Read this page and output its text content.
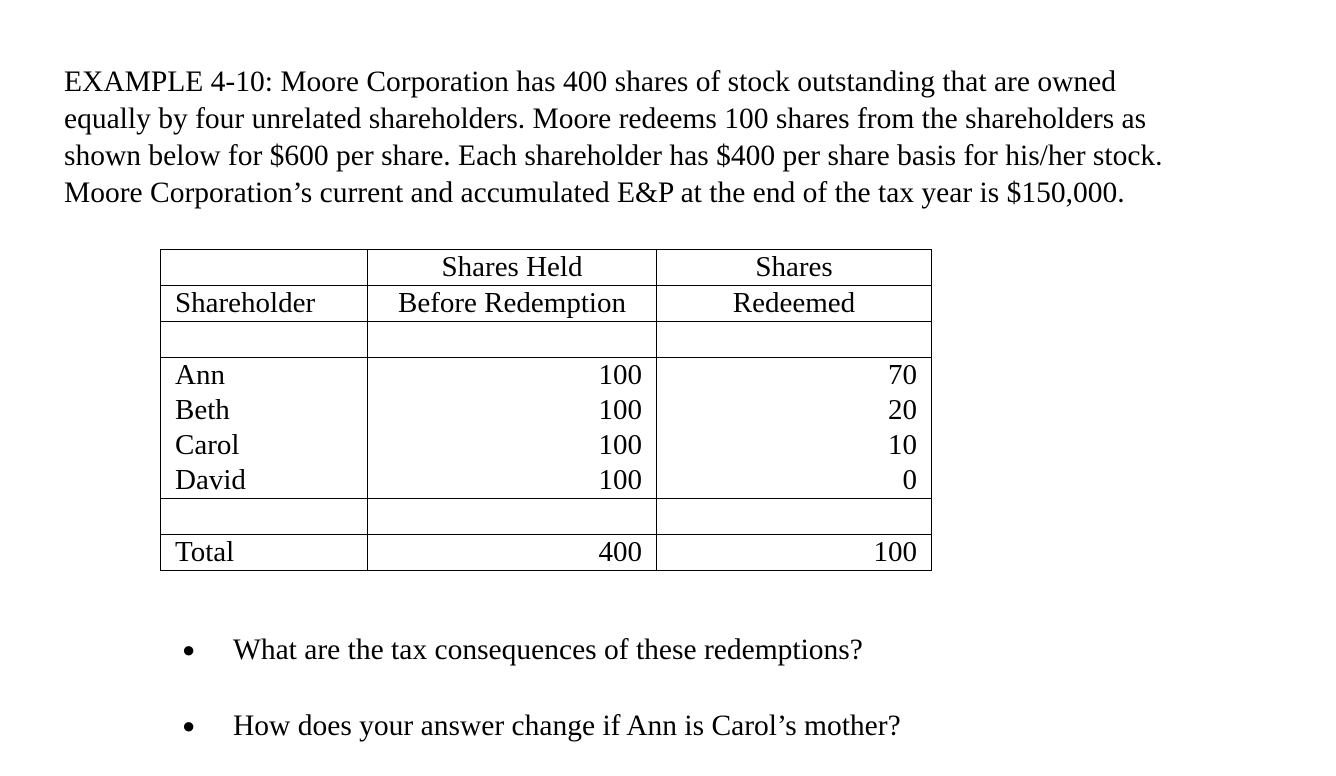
EXAMPLE 4-10: Moore Corporation has 400 shares of stock outstanding that are owned
equally by four unrelated shareholders. Moore redeems 100 shares from the shareholders as
shown below for $600 per share. Each shareholder has $400 per share basis for his/her stock.
Moore Corporation’s current and accumulated E&P at the end of the tax year is $150,000.

	Shares Held	Shares
Shareholder	Before Redemption	Redeemed

Ann	100	70
Beth	100	20
Carol	100	10
David	100	0

Total	400	100
● What are the tax consequences of these redemptions?
● How does your answer change if Ann is Carol’s mother?
